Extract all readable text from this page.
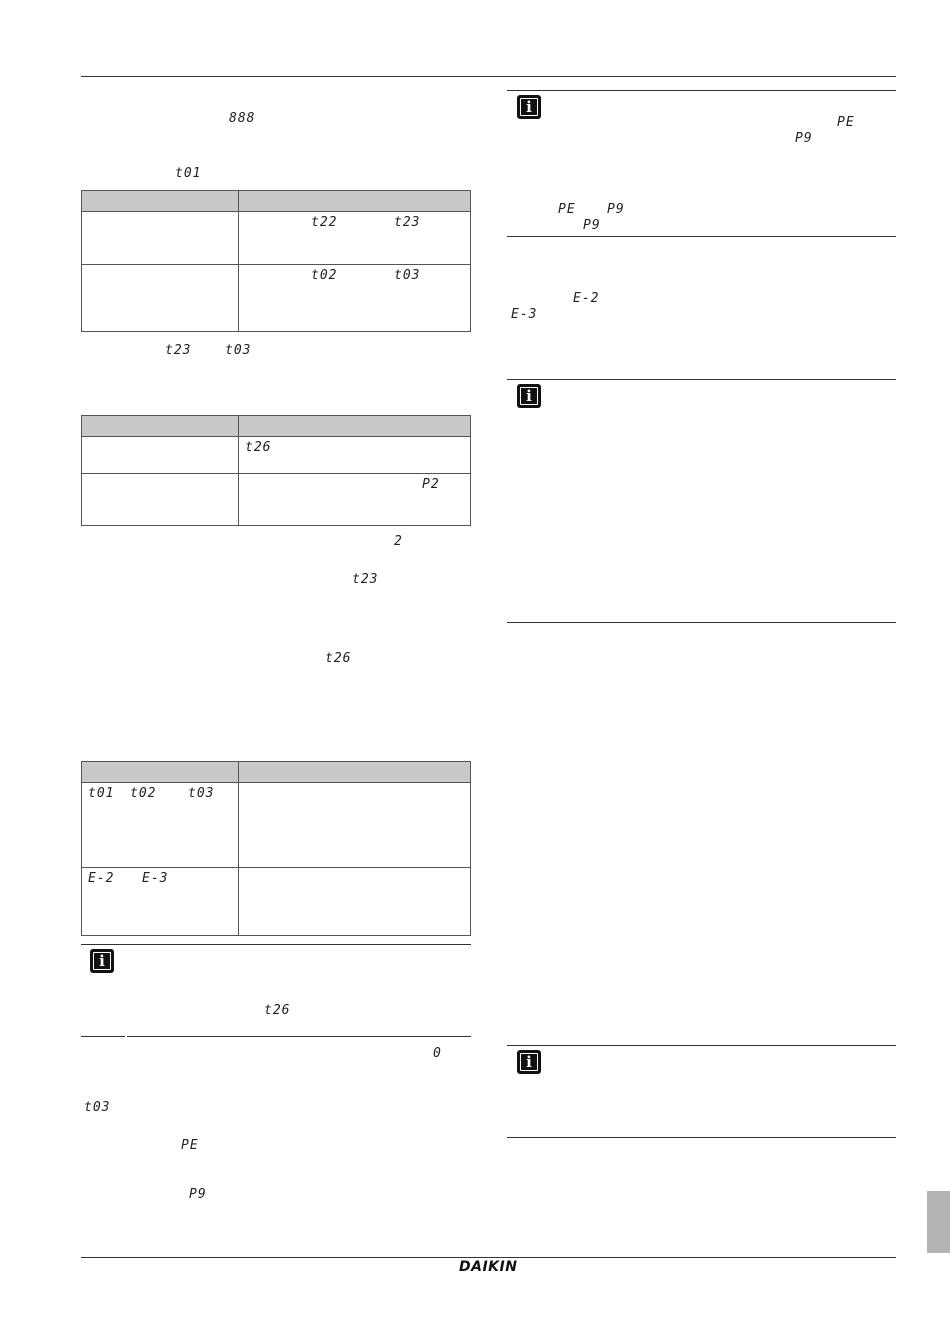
888
t01

	t22 t23

	t02 t03
t23	t03

	t26

	P2
2
t23
t26

t01 t02 t03	

E-2 E-3	

i
t26
0
t03
PE
P9
i
PE
P9
PE P9
P9
E-2
E-3
i
i
DAIKIN
